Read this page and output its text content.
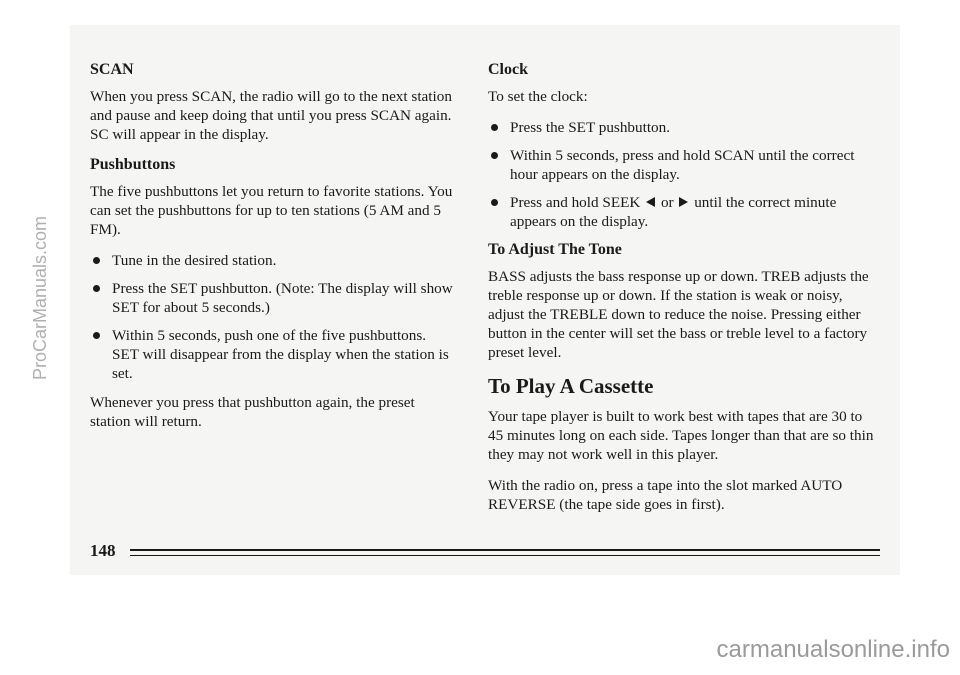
SCAN

When you press SCAN, the radio will go to the next station and pause and keep doing that until you press SCAN again. SC will appear in the display.

Pushbuttons

The five pushbuttons let you return to favorite stations. You can set the pushbuttons for up to ten stations (5 AM and 5 FM).

Tune in the desired station.
Press the SET pushbutton. (Note: The display will show SET for about 5 seconds.)
Within 5 seconds, push one of the five pushbuttons. SET will disappear from the display when the station is set.

Whenever you press that pushbutton again, the preset station will return.

Clock

To set the clock:

Press the SET pushbutton.
Within 5 seconds, press and hold SCAN until the correct hour appears on the display.
Press and hold SEEK or until the correct minute appears on the display.
To Adjust The Tone

BASS adjusts the bass response up or down. TREB adjusts the treble response up or down. If the station is weak or noisy, adjust the TREBLE down to reduce the noise. Pressing either button in the center will set the bass or treble level to a factory preset level.

To Play A Cassette

Your tape player is built to work best with tapes that are 30 to 45 minutes long on each side. Tapes longer than that are so thin they may not work well in this player.

With the radio on, press a tape into the slot marked AUTO REVERSE (the tape side goes in first).

148
ProCarManuals.com
carmanualsonline.info
